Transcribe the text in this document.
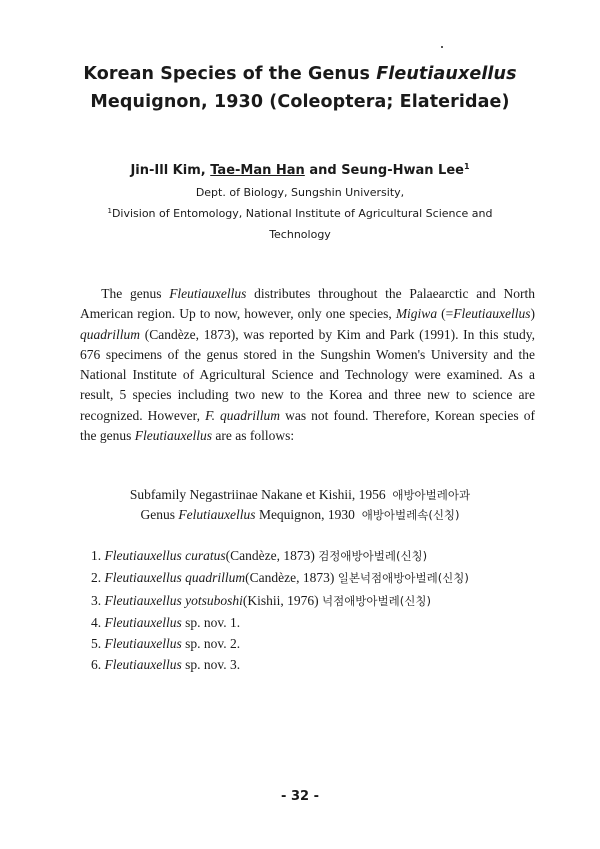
Korean Species of the Genus Fleutiauxellus
Mequignon, 1930 (Coleoptera; Elateridae)
Jin-Ill Kim, Tae-Man Han and Seung-Hwan Lee$^1$
Dept. of Biology, Sungshin University,
$^1$Division of Entomology, National Institute of Agricultural Science and
Technology

  The genus Fleutiauxellus distributes throughout the Palaearctic and North American region. Up to now, however, only one species, Migiwa (=Fleutiauxellus) quadrillum (Candèze, 1873), was reported by Kim and Park (1991). In this study, 676 specimens of the genus stored in the Sungshin Women's University and the National Institute of Agricultural Science and Technology were examined. As a result, 5 species including two new to the Korea and three new to science are recognized. However, F. quadrillum was not found. Therefore, Korean species of the genus Fleutiauxellus are as follows:

Subfamily Negastriinae Nakane et Kishii, 1956 애방아벌레아과
Genus Felutiauxellus Mequignon, 1930 애방아벌레속(신칭)
1. Fleutiauxellus curatus(Candèze, 1873) 검정애방아벌레(신칭)
2. Fleutiauxellus quadrillum(Candèze, 1873) 일본넉점애방아벌레(신칭)
3. Fleutiauxellus yotsuboshi(Kishii, 1976) 넉점애방아벌레(신칭)
4. Fleutiauxellus sp. nov. 1.
5. Fleutiauxellus sp. nov. 2.
6. Fleutiauxellus sp. nov. 3.
- 32 -
